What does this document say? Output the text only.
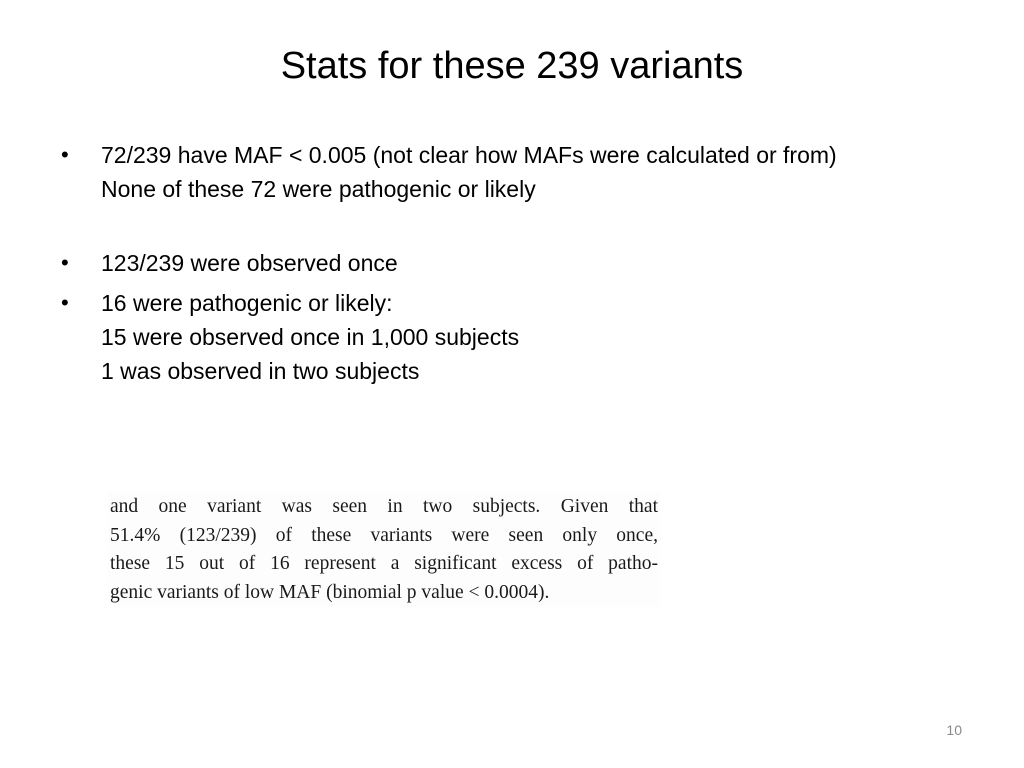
Stats for these 239 variants
• 72/239 have MAF < 0.005 (not clear how MAFs were calculated or from)
None of these 72 were pathogenic or likely
• 123/239 were observed once
• 16 were pathogenic or likely:
15 were observed once in 1,000 subjects
1 was observed in two subjects
and one variant was seen in two subjects. Given that
51.4% (123/239) of these variants were seen only once,
these 15 out of 16 represent a significant excess of patho-
genic variants of low MAF (binomial p value < 0.0004).
10
